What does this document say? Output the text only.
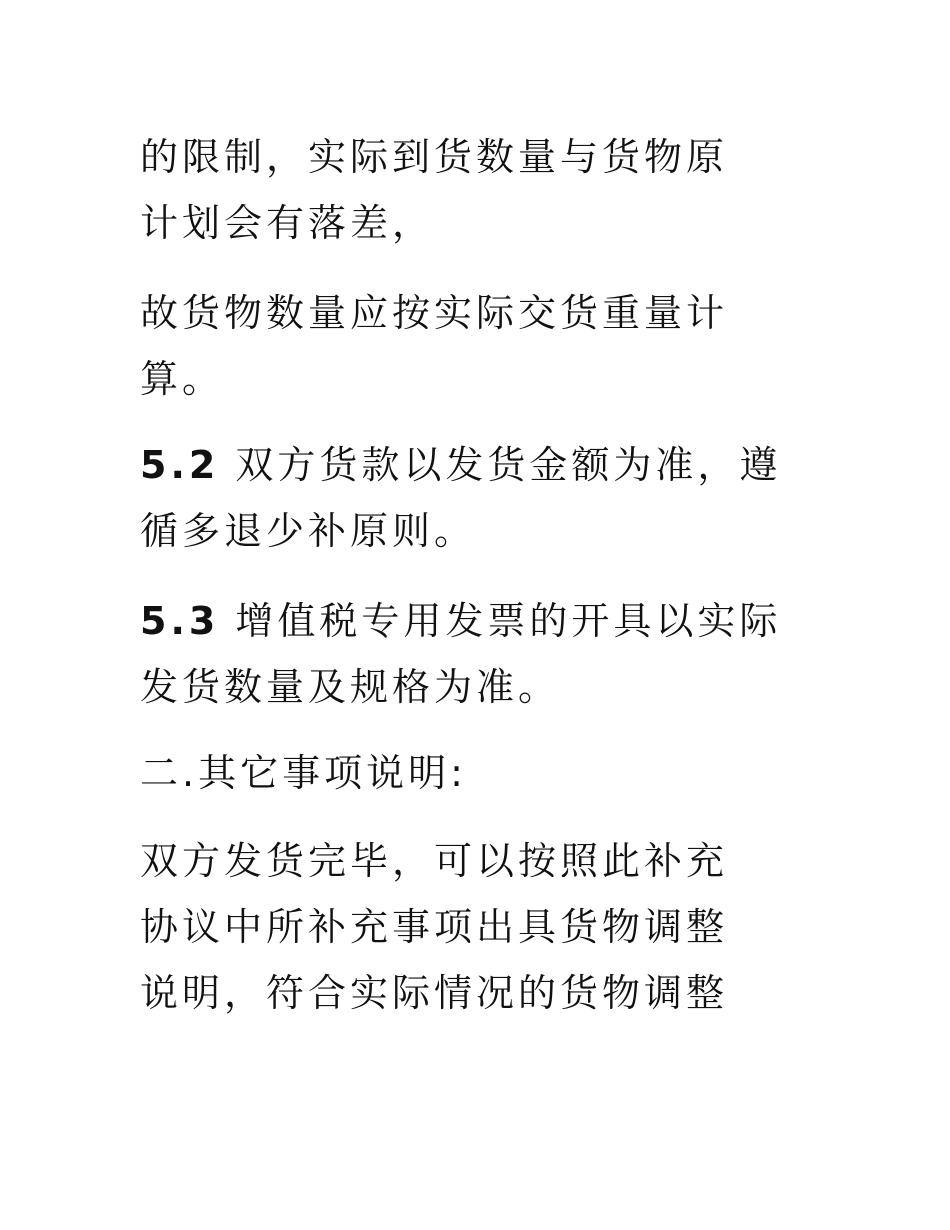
的限制，实际到货数量与货物原
计划会有落差，

故货物数量应按实际交货重量计
算。

5.2 双方货款以发货金额为准，遵
循多退少补原则。

5.3 增值税专用发票的开具以实际
发货数量及规格为准。

二.其它事项说明:

双方发货完毕，可以按照此补充
协议中所补充事项出具货物调整
说明，符合实际情况的货物调整
